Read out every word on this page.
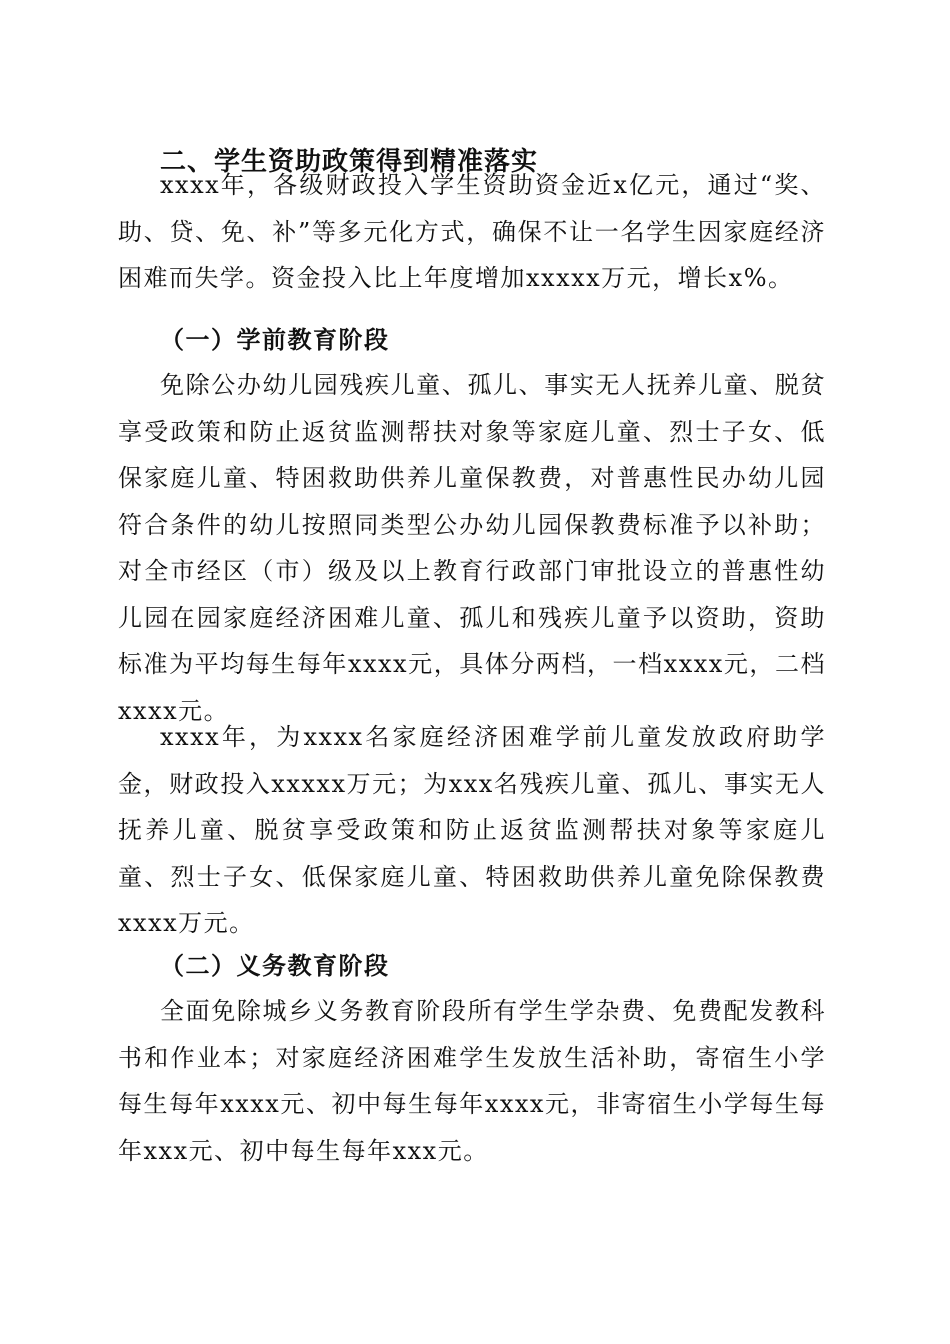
二、学生资助政策得到精准落实

xxxx年，各级财政投入学生资助资金近x亿元，通过“奖、助、贷、免、补”等多元化方式，确保不让一名学生因家庭经济困难而失学。资金投入比上年度增加xxxxx万元，增长x%。

（一）学前教育阶段

免除公办幼儿园残疾儿童、孤儿、事实无人抚养儿童、脱贫享受政策和防止返贫监测帮扶对象等家庭儿童、烈士子女、低保家庭儿童、特困救助供养儿童保教费，对普惠性民办幼儿园符合条件的幼儿按照同类型公办幼儿园保教费标准予以补助；对全市经区（市）级及以上教育行政部门审批设立的普惠性幼儿园在园家庭经济困难儿童、孤儿和残疾儿童予以资助，资助标准为平均每生每年xxxx元，具体分两档，一档xxxx元，二档xxxx元。

xxxx年，为xxxx名家庭经济困难学前儿童发放政府助学金，财政投入xxxxx万元；为xxx名残疾儿童、孤儿、事实无人抚养儿童、脱贫享受政策和防止返贫监测帮扶对象等家庭儿童、烈士子女、低保家庭儿童、特困救助供养儿童免除保教费xxxx万元。

（二）义务教育阶段

全面免除城乡义务教育阶段所有学生学杂费、免费配发教科书和作业本；对家庭经济困难学生发放生活补助，寄宿生小学每生每年xxxx元、初中每生每年xxxx元，非寄宿生小学每生每年xxx元、初中每生每年xxx元。
